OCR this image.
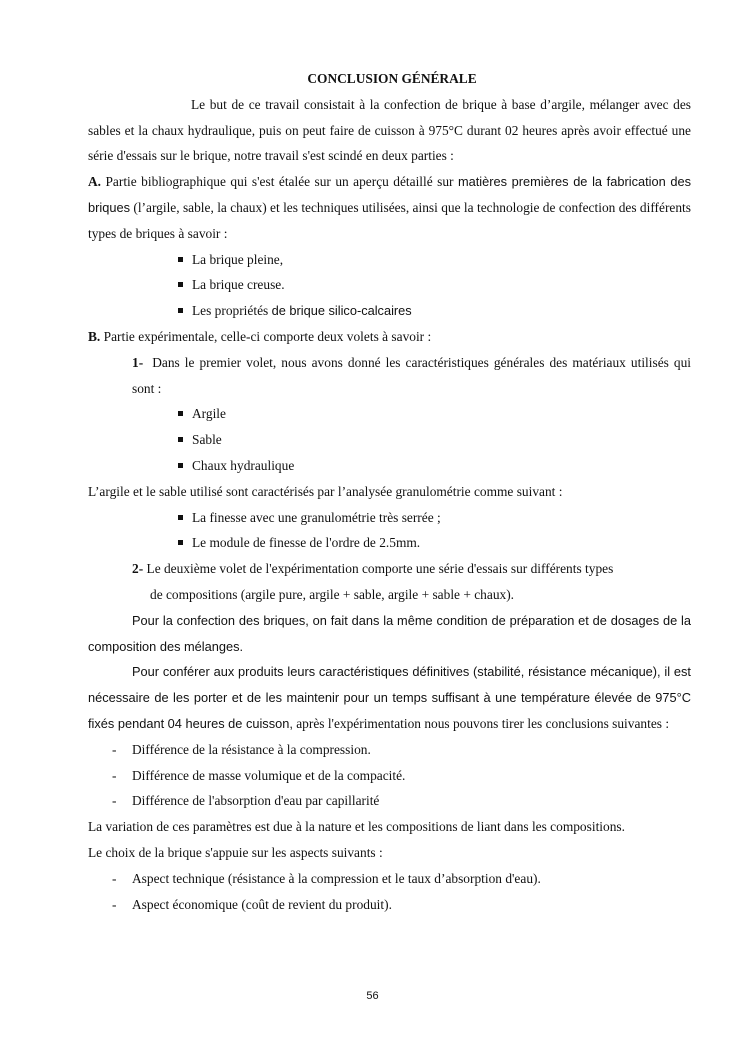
CONCLUSION GÉNÉRALE

Le but de ce travail consistait à la confection de brique à base d’argile, mélanger avec des sables et la chaux hydraulique, puis on peut faire de cuisson à 975°C durant 02 heures après avoir effectué une série d'essais sur le brique, notre travail s'est scindé en deux parties :

A. Partie bibliographique qui s'est étalée sur un aperçu détaillé sur matières premières de la fabrication des briques (l’argile, sable, la chaux) et les techniques utilisées, ainsi que la technologie de confection des différents types de briques à savoir :

La brique pleine,
La brique creuse.
Les propriétés de brique silico-calcaires

B. Partie expérimentale, celle-ci comporte deux volets à savoir :

1- Dans le premier volet, nous avons donné les caractéristiques générales des matériaux utilisés qui sont :

Argile
Sable
Chaux hydraulique

L’argile et le sable utilisé sont caractérisés par l’analysée granulométrie comme suivant :

La finesse avec une granulométrie très serrée ;
Le module de finesse de l'ordre de 2.5mm.

2- Le deuxième volet de l'expérimentation comporte une série d'essais sur différents types
de compositions (argile pure, argile + sable, argile + sable + chaux).

Pour la confection des briques, on fait dans la même condition de préparation et de dosages de la composition des mélanges.

Pour conférer aux produits leurs caractéristiques définitives (stabilité, résistance mécanique), il est nécessaire de les porter et de les maintenir pour un temps suffisant à une température élevée de 975°C fixés pendant 04 heures de cuisson, après l'expérimentation nous pouvons tirer les conclusions suivantes :

- Différence de la résistance à la compression.
- Différence de masse volumique et de la compacité.
- Différence de l'absorption d'eau par capillarité

La variation de ces paramètres est due à la nature et les compositions de liant dans les compositions.

Le choix de la brique s'appuie sur les aspects suivants :

- Aspect technique (résistance à la compression et le taux d’absorption d'eau).
- Aspect économique (coût de revient du produit).
56
